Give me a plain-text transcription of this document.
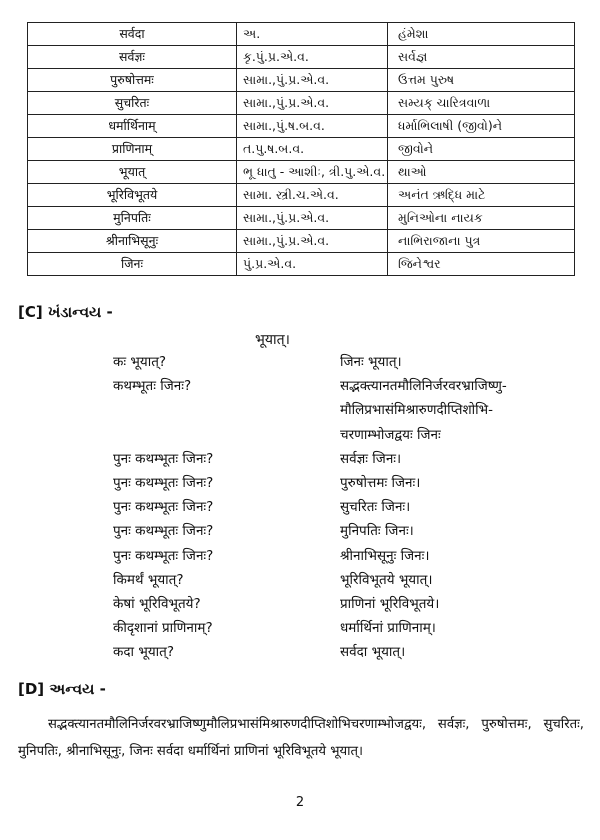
सर्वदा	અ.	હંમેશા
सर्वज्ञः	કૃ.પું.પ્ર.એ.વ.	સર્વજ્ઞ
पुरुषोत्तमः	સામા.,પું.પ્ર.એ.વ.	ઉત્તમ પુરુષ
सुचरितः	સામા.,પું.પ્ર.એ.વ.	સમ્યક્ ચારિત્રવાળા
धर्मार्थिनाम्	સામા.,પું.ષ.બ.વ.	ધર્માભિલાષી (જીવો)ને
प्राणिनाम्	ત.પુ.ષ.બ.વ.	જીવોને
भूयात्	ભૂ ધાતુ - આશીઃ, ત્રી.પુ.એ.વ.	થાઓ
भूरिविभूतये	સામા. સ્ત્રી.ચ.એ.વ.	અનંત ઋદ્ધિ માટે
मुनिपतिः	સામા.,પું.પ્ર.એ.વ.	મુનિઓના નાયક
श्रीनाभिसूनुः	સામા.,પું.પ્ર.એ.વ.	નાભિરાજાના પુત્ર
जिनः	પું.પ્ર.એ.વ.	જિનેશ્વર
[C] ખંડાન્વય -
भूयात्।
कः भूयात्?	जिनः भूयात्।
कथम्भूतः जिनः?	सद्भक्त्यानतमौलिनिर्जरवरभ्राजिष्णु-
मौलिप्रभासंमिश्रारुणदीप्तिशोभि-
चरणाम्भोजद्वयः जिनः
पुनः कथम्भूतः जिनः?	सर्वज्ञः जिनः।
पुनः कथम्भूतः जिनः?	पुरुषोत्तमः जिनः।
पुनः कथम्भूतः जिनः?	सुचरितः जिनः।
पुनः कथम्भूतः जिनः?	मुनिपतिः जिनः।
पुनः कथम्भूतः जिनः?	श्रीनाभिसूनुः जिनः।
किमर्थं भूयात्?	भूरिविभूतये भूयात्।
केषां भूरिविभूतये?	प्राणिनां भूरिविभूतये।
कीदृशानां प्राणिनाम्?	धर्मार्थिनां प्राणिनाम्।
कदा भूयात्?	सर्वदा भूयात्।
[D] અન્વય -
सद्भक्त्यानतमौलिनिर्जरवरभ्राजिष्णुमौलिप्रभासंमिश्रारुणदीप्तिशोभिचरणाम्भोजद्वयः, सर्वज्ञः, पुरुषोत्तमः, सुचरितः, मुनिपतिः, श्रीनाभिसूनुः, जिनः सर्वदा धर्मार्थिनां प्राणिनां भूरिविभूतये भूयात्।
2
